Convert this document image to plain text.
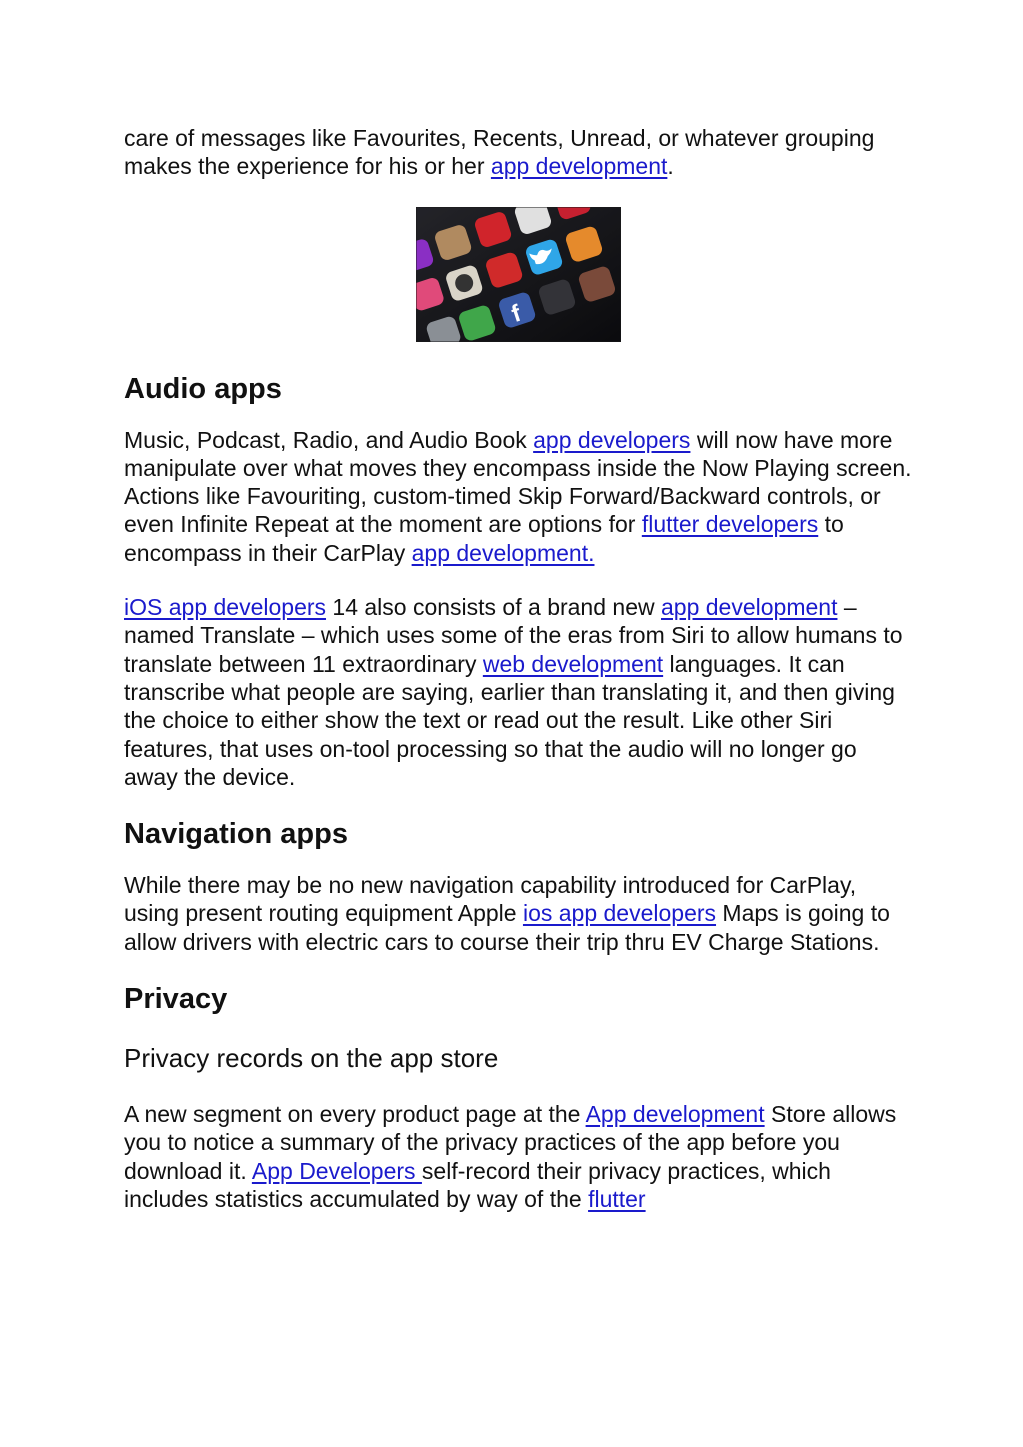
care of messages like Favourites, Recents, Unread, or whatever grouping makes the experience for his or her app development.

f
Audio apps

Music, Podcast, Radio, and Audio Book app developers will now have more manipulate over what moves they encompass inside the Now Playing screen. Actions like Favouriting, custom-timed Skip Forward/Backward controls, or even Infinite Repeat at the moment are options for flutter developers to encompass in their CarPlay app development.

iOS app developers 14 also consists of a brand new app development – named Translate – which uses some of the eras from Siri to allow humans to translate between 11 extraordinary web development languages. It can transcribe what people are saying, earlier than translating it, and then giving the choice to either show the text or read out the result. Like other Siri features, that uses on-tool processing so that the audio will no longer go away the device.

Navigation apps

While there may be no new navigation capability introduced for CarPlay, using present routing equipment Apple ios app developers Maps is going to allow drivers with electric cars to course their trip thru EV Charge Stations.

Privacy
Privacy records on the app store

A new segment on every product page at the App development Store allows you to notice a summary of the privacy practices of the app before you download it. App Developers self-record their privacy practices, which includes statistics accumulated by way of the flutter
